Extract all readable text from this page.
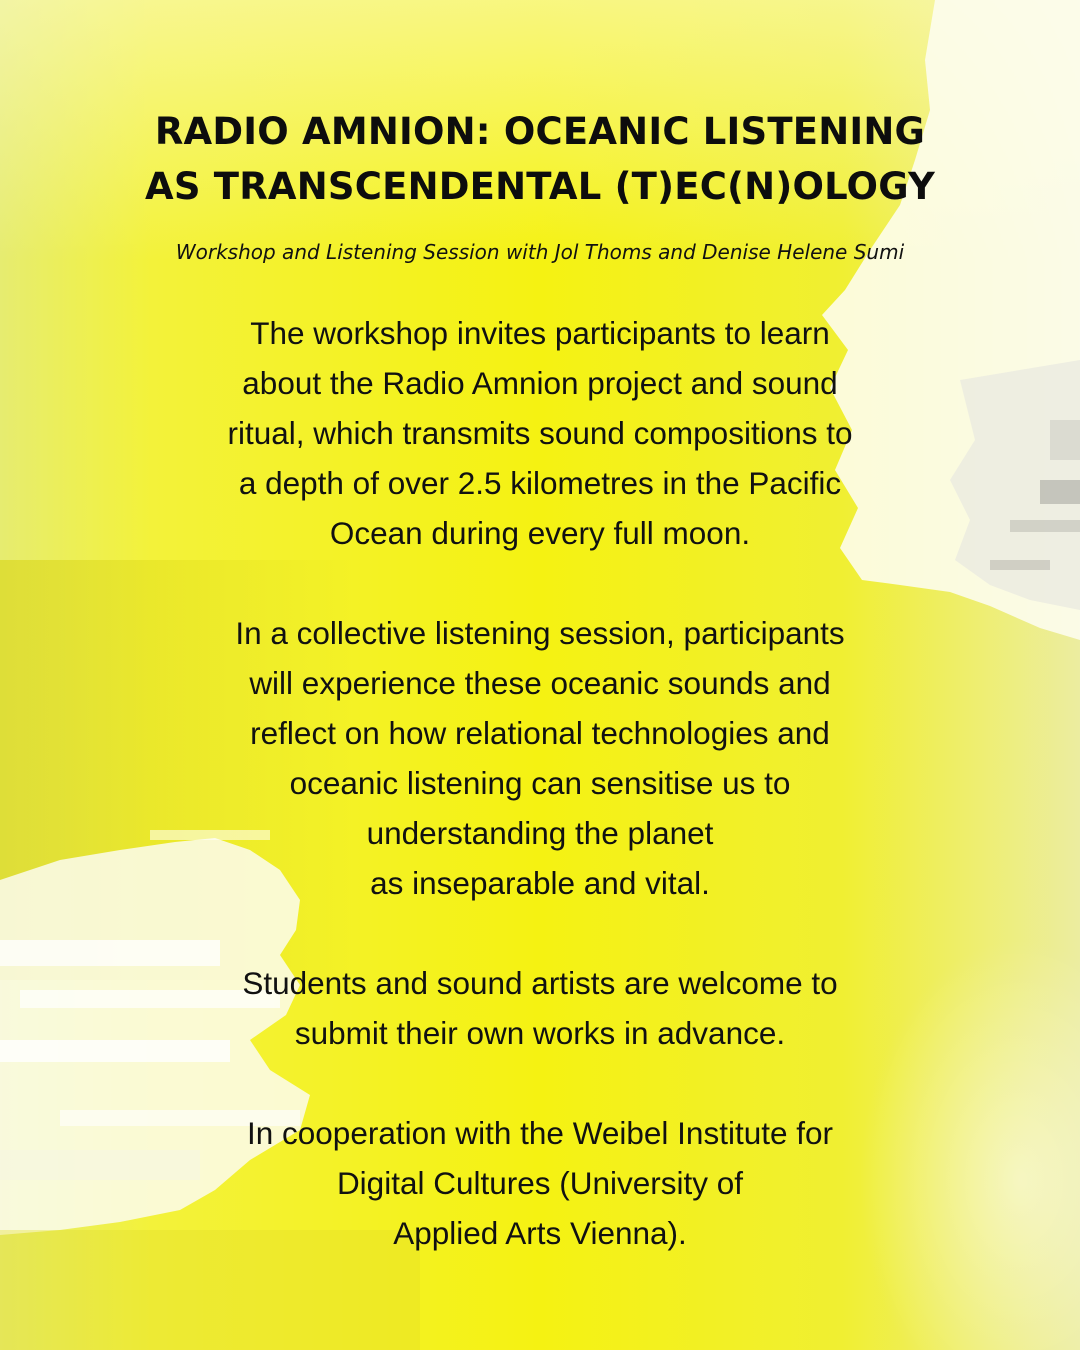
RADIO AMNION: OCEANIC LISTENING
AS TRANSCENDENTAL (T)EC(N)OLOGY

Workshop and Listening Session with Jol Thoms and Denise Helene Sumi

The workshop invites participants to learn
about the Radio Amnion project and sound
ritual, which transmits sound compositions to
a depth of over 2.5 kilometres in the Pacific
Ocean during every full moon.

In a collective listening session, participants
will experience these oceanic sounds and
reflect on how relational technologies and
oceanic listening can sensitise us to
understanding the planet
as inseparable and vital.

Students and sound artists are welcome to
submit their own works in advance.

In cooperation with the Weibel Institute for
Digital Cultures (University of
Applied Arts Vienna).
